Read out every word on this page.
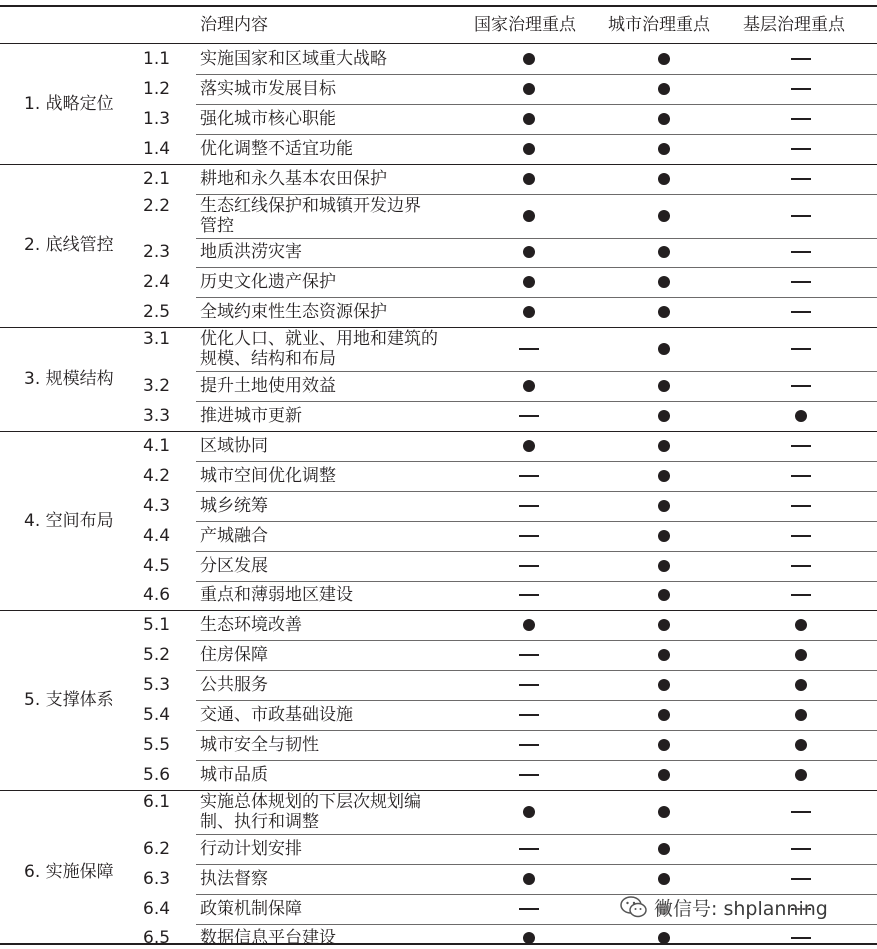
治理内容	国家治理重点 城市治理重点 基层治理重点
1.1 实施国家和区域重大战略
1.2 落实城市发展目标
1.3 强化城市核心职能
1.4 优化调整不适宜功能
1. 战略定位
2.1 耕地和永久基本农田保护
2.2 生态红线保护和城镇开发边界
管控
2.3 地质洪涝灾害
2.4 历史文化遗产保护
2.5 全域约束性生态资源保护
2. 底线管控
3.1 优化人口、就业、用地和建筑的
规模、结构和布局
3.2 提升土地使用效益
3.3 推进城市更新
3. 规模结构
4.1 区域协同
4.2 城市空间优化调整
4.3 城乡统筹
4.4 产城融合
4.5 分区发展
4.6 重点和薄弱地区建设
4. 空间布局
5.1 生态环境改善
5.2 住房保障
5.3 公共服务
5.4 交通、市政基础设施
5.5 城市安全与韧性
5.6 城市品质
5. 支撑体系
6.1 实施总体规划的下层次规划编
制、执行和调整
6.2 行动计划安排
6.3 执法督察
6.4 政策机制保障
6.5 数据信息平台建设
6. 实施保障
微信号: shplanning
